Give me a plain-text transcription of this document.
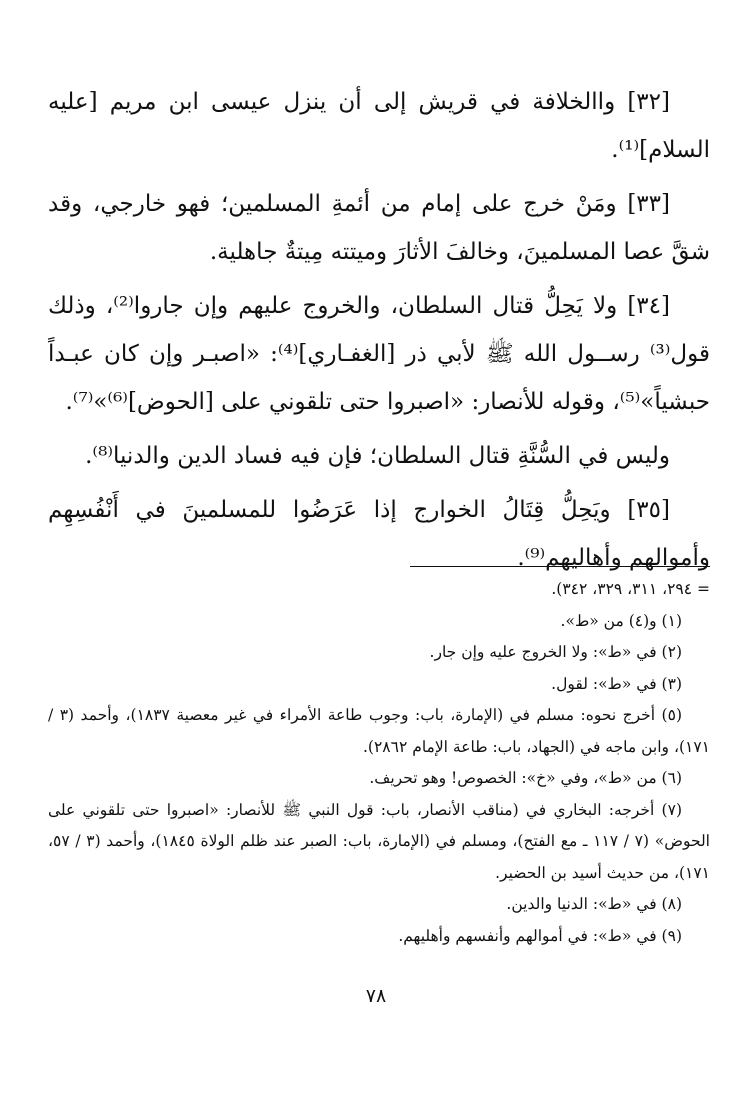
[٣٢] واالخلافة في قريش إلى أن ينزل عيسى ابن مريم [عليه السلام]⁽¹⁾.

[٣٣] ومَنْ خرج على إمام من أئمةِ المسلمين؛ فهو خارجي، وقد شقَّ عصا المسلمينَ، وخالفَ الأثارَ وميتته مِيتةٌ جاهلية.

[٣٤] ولا يَحِلُّ قتال السلطان، والخروج عليهم وإن جاروا⁽²⁾، وذلك قول⁽³⁾ رســول الله ﷺ لأبي ذر [الغفـاري]⁽⁴⁾: «اصبـر وإن كان عبـداً حبشياً»⁽⁵⁾، وقوله للأنصار: «اصبروا حتى تلقوني على [الحوض]⁽⁶⁾»⁽⁷⁾.

وليس في السُّنَّةِ قتال السلطان؛ فإن فيه فساد الدين والدنيا⁽⁸⁾.

[٣٥] ويَحِلُّ قِتَالُ الخوارج إذا عَرَضُوا للمسلمينَ في أَنْفُسِهِم وأموالهم وأهاليهم⁽⁹⁾.

= ٢٩٤، ٣١١، ٣٢٩، ٣٤٢).

(١) و(٤) من «ط».

(٢) في «ط»: ولا الخروج عليه وإن جار.

(٣) في «ط»: لقول.

(٥) أخرج نحوه: مسلم في (الإمارة، باب: وجوب طاعة الأمراء في غير معصية ١٨٣٧)، وأحمد (٣ / ١٧١)، وابن ماجه في (الجهاد، باب: طاعة الإمام ٢٨٦٢).

(٦) من «ط»، وفي «خ»: الخصوص! وهو تحريف.

(٧) أخرجه: البخاري في (مناقب الأنصار، باب: قول النبي ﷺ للأنصار: «اصبروا حتى تلقوني على الحوض» (٧ / ١١٧ ـ مع الفتح)، ومسلم في (الإمارة، باب: الصبر عند ظلم الولاة ١٨٤٥)، وأحمد (٣ / ٥٧، ١٧١)، من حديث أسيد بن الحضير.

(٨) في «ط»: الدنيا والدين.

(٩) في «ط»: في أموالهم وأنفسهم وأهليهم.

٧٨
